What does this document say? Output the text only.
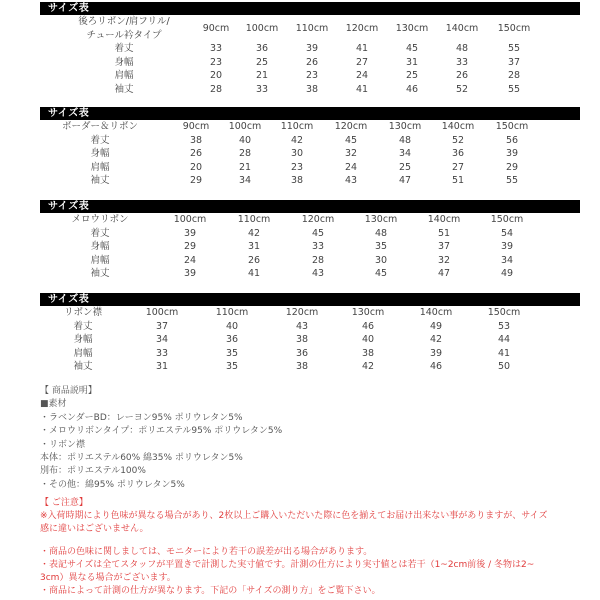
サイズ表
後ろリボン/肩フリル/
チュール衿タイプ
90cm 100cm 110cm 120cm 130cm 140cm 150cm
着丈	33	36	39	41	45	48	55
身幅	23	25	26	27	31	33	37
肩幅	20	21	23	24	25	26	28
袖丈	28	33	38	41	46	52	55
サイズ表
ボーダー＆リボン	90cm 100cm 110cm 120cm 130cm 140cm 150cm
着丈	38	40	42	45	48	52	56
身幅	26	28	30	32	34	36	39
肩幅	20	21	23	24	25	27	29
袖丈	29	34	38	43	47	51	55
サイズ表
メロウリボン	100cm	110cm	120cm	130cm	140cm	150cm
着丈	39	42	45	48	51	54
身幅	29	31	33	35	37	39
肩幅	24	26	28	30	32	34
袖丈	39	41	43	45	47	49
サイズ表
リボン襟	100cm	110cm	120cm	130cm	140cm	150cm
着丈	37	40	43	46	49	53
身幅	34	36	38	40	42	44
肩幅	33	35	36	38	39	41
袖丈	31	35	38	42	46	50
【 商品説明】
■素材
・ラベンダーBD：レーヨン95% ポリウレタン5%
・メロウリボンタイプ：ポリエステル95% ポリウレタン5%
・リボン襟
本体：ポリエステル60% 綿35% ポリウレタン5%
別布：ポリエステル100%
・その他：綿95% ポリウレタン5%
【 ご注意】
※入荷時期により色味が異なる場合があり、2枚以上ご購入いただいた際に色を揃えてお届け出来ない事がありますが、サイズ
感に違いはございません。
・商品の色味に関しましては、モニターにより若干の誤差が出る場合があります。
・表記サイズは全てスタッフが平置きで計測した実寸値です。計測の仕方により実寸値とは若干（1~2cm前後 / 冬物は2~
3cm）異なる場合がございます。
・商品によって計測の仕方が異なります。下記の「サイズの測り方」をご覧下さい。
